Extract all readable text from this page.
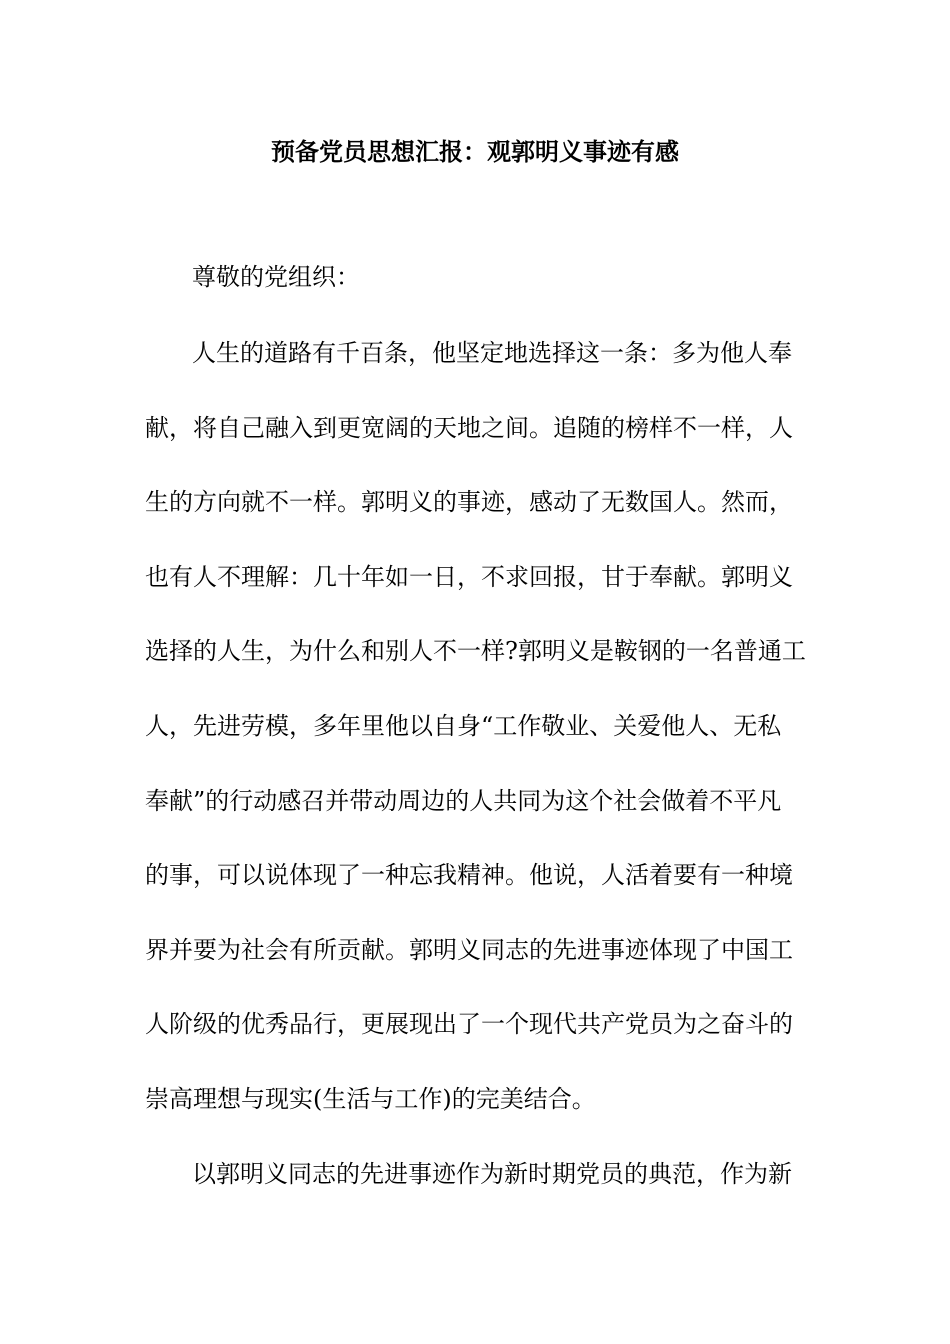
预备党员思想汇报：观郭明义事迹有感
尊敬的党组织：
人生的道路有千百条，他坚定地选择这一条：多为他人奉
献，将自己融入到更宽阔的天地之间。追随的榜样不一样，人
生的方向就不一样。郭明义的事迹，感动了无数国人。然而，
也有人不理解：几十年如一日，不求回报，甘于奉献。郭明义
选择的人生，为什么和别人不一样?郭明义是鞍钢的一名普通工
人，先进劳模，多年里他以自身“工作敬业、关爱他人、无私
奉献”的行动感召并带动周边的人共同为这个社会做着不平凡
的事，可以说体现了一种忘我精神。他说，人活着要有一种境
界并要为社会有所贡献。郭明义同志的先进事迹体现了中国工
人阶级的优秀品行，更展现出了一个现代共产党员为之奋斗的
崇高理想与现实(生活与工作)的完美结合。
以郭明义同志的先进事迹作为新时期党员的典范，作为新
